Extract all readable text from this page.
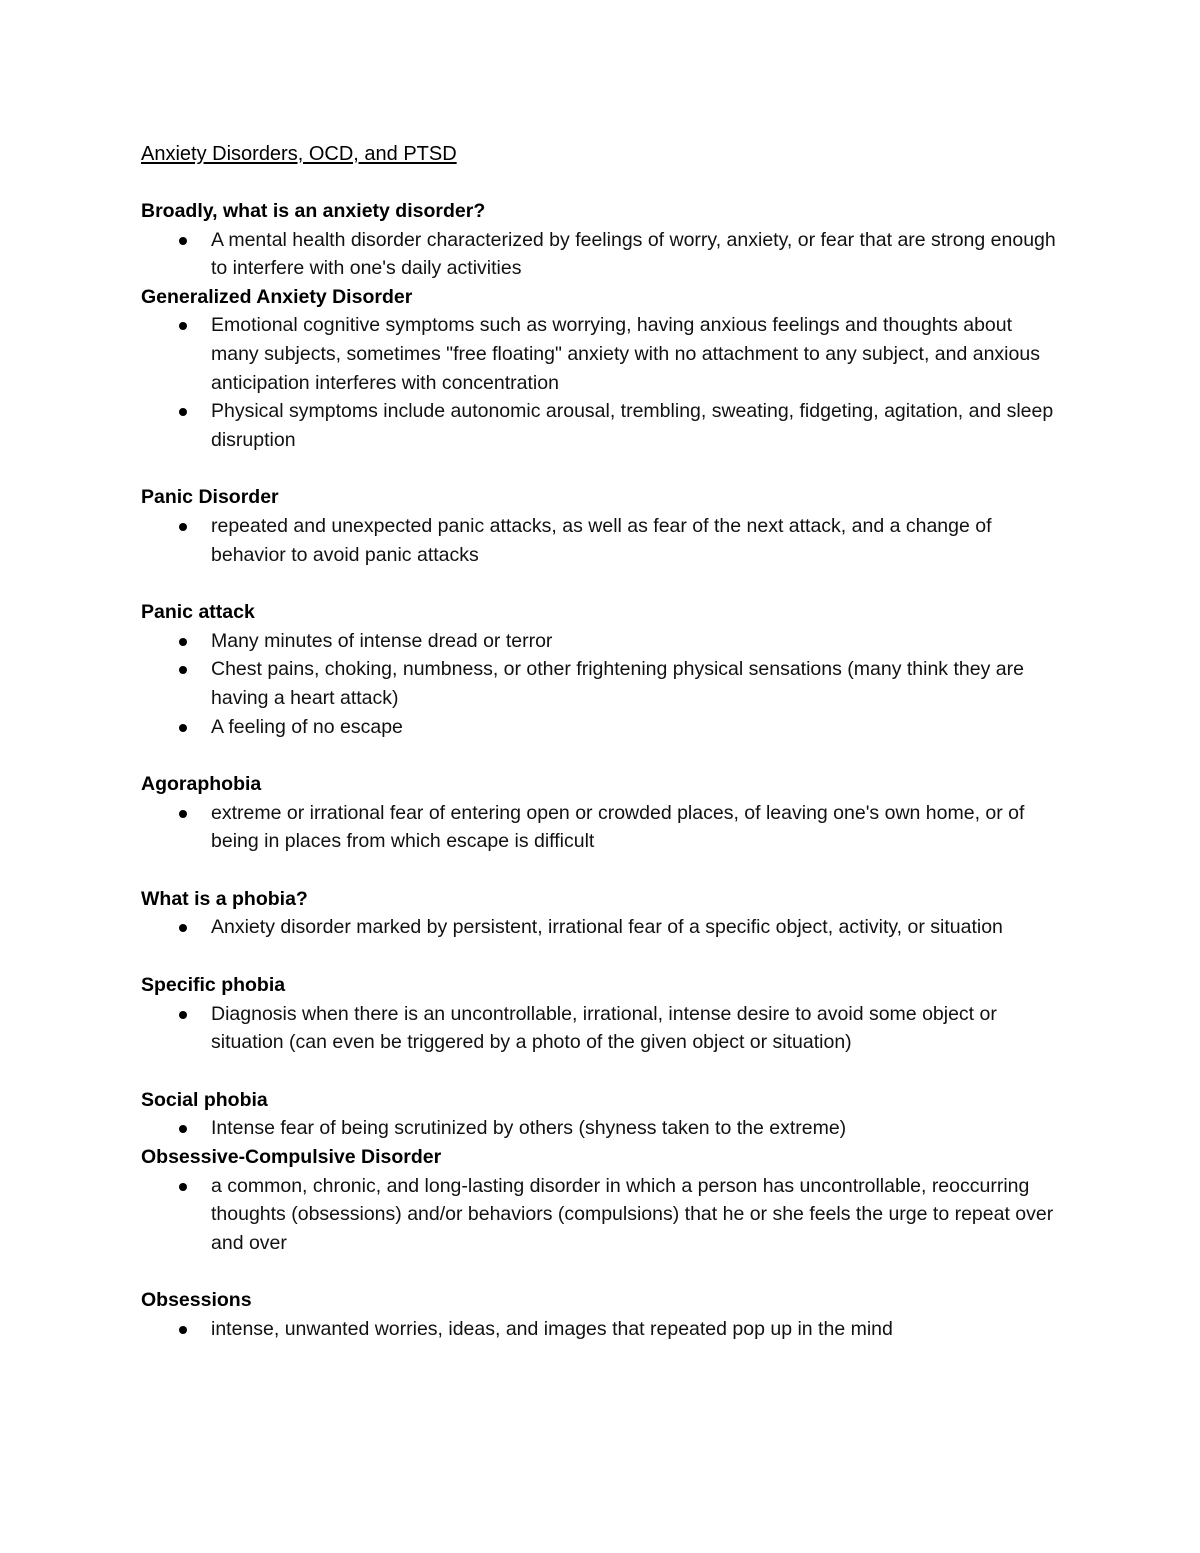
Anxiety Disorders, OCD, and PTSD
Broadly, what is an anxiety disorder?
A mental health disorder characterized by feelings of worry, anxiety, or fear that are strong enough to interfere with one's daily activities
Generalized Anxiety Disorder
Emotional cognitive symptoms such as worrying, having anxious feelings and thoughts about many subjects, sometimes "free floating" anxiety with no attachment to any subject, and anxious anticipation interferes with concentration
Physical symptoms include autonomic arousal, trembling, sweating, fidgeting, agitation, and sleep disruption
Panic Disorder
repeated and unexpected panic attacks, as well as fear of the next attack, and a change of behavior to avoid panic attacks
Panic attack
Many minutes of intense dread or terror
Chest pains, choking, numbness, or other frightening physical sensations (many think they are having a heart attack)
A feeling of no escape
Agoraphobia
extreme or irrational fear of entering open or crowded places, of leaving one's own home, or of being in places from which escape is difficult
What is a phobia?
Anxiety disorder marked by persistent, irrational fear of a specific object, activity, or situation
Specific phobia
Diagnosis when there is an uncontrollable, irrational, intense desire to avoid some object or situation (can even be triggered by a photo of the given object or situation)
Social phobia
Intense fear of being scrutinized by others (shyness taken to the extreme)
Obsessive-Compulsive Disorder
a common, chronic, and long-lasting disorder in which a person has uncontrollable, reoccurring thoughts (obsessions) and/or behaviors (compulsions) that he or she feels the urge to repeat over and over
Obsessions
intense, unwanted worries, ideas, and images that repeated pop up in the mind
